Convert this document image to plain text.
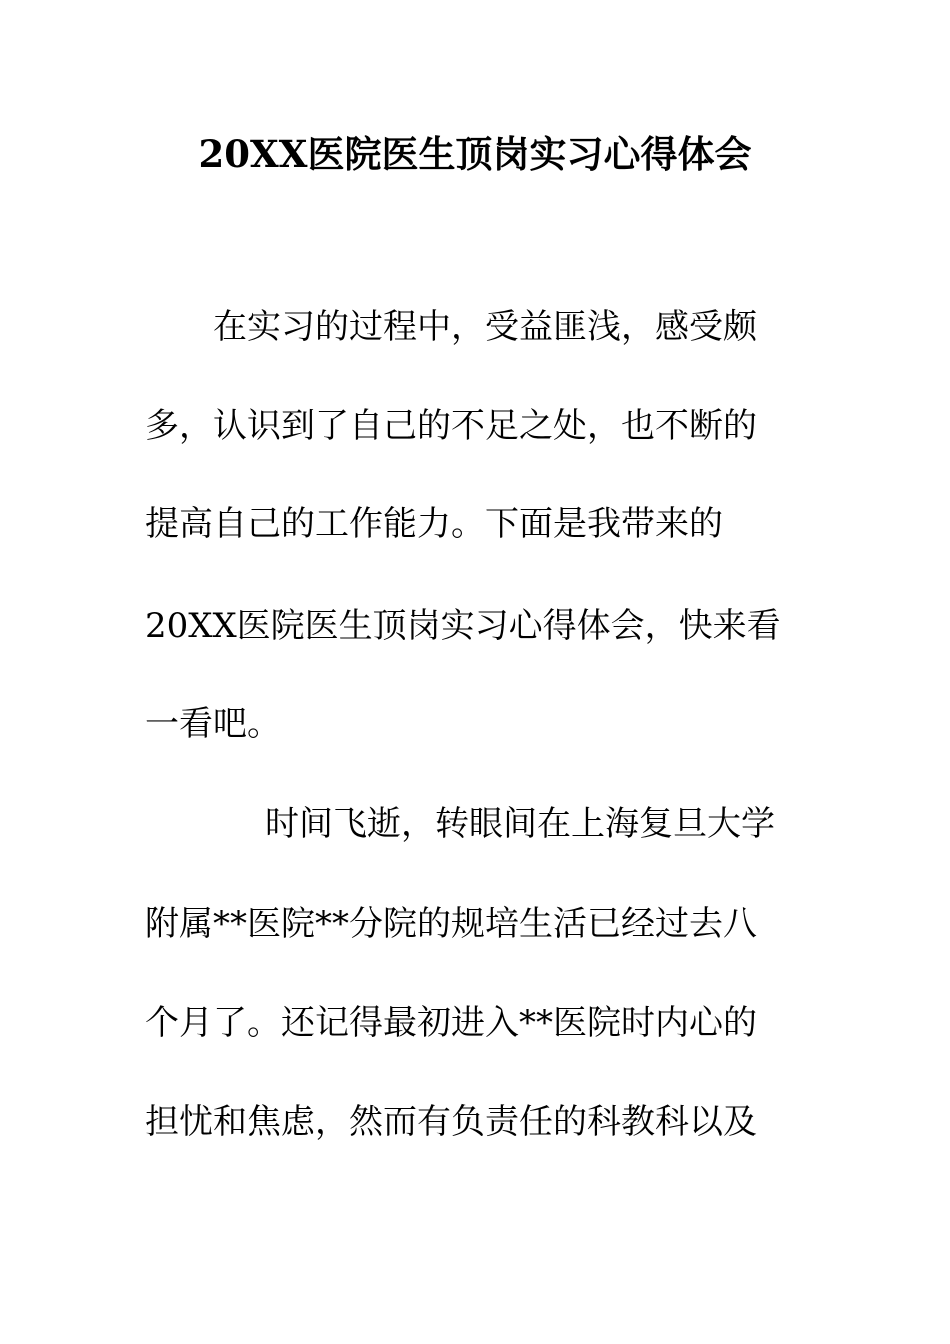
20XX医院医生顶岗实习心得体会
在实习的过程中，受益匪浅，感受颇
多，认识到了自己的不足之处，也不断的
提高自己的工作能力。下面是我带来的
20XX医院医生顶岗实习心得体会，快来看
一看吧。
时间飞逝，转眼间在上海复旦大学
附属**医院**分院的规培生活已经过去八
个月了。还记得最初进入**医院时内心的
担忧和焦虑，然而有负责任的科教科以及
